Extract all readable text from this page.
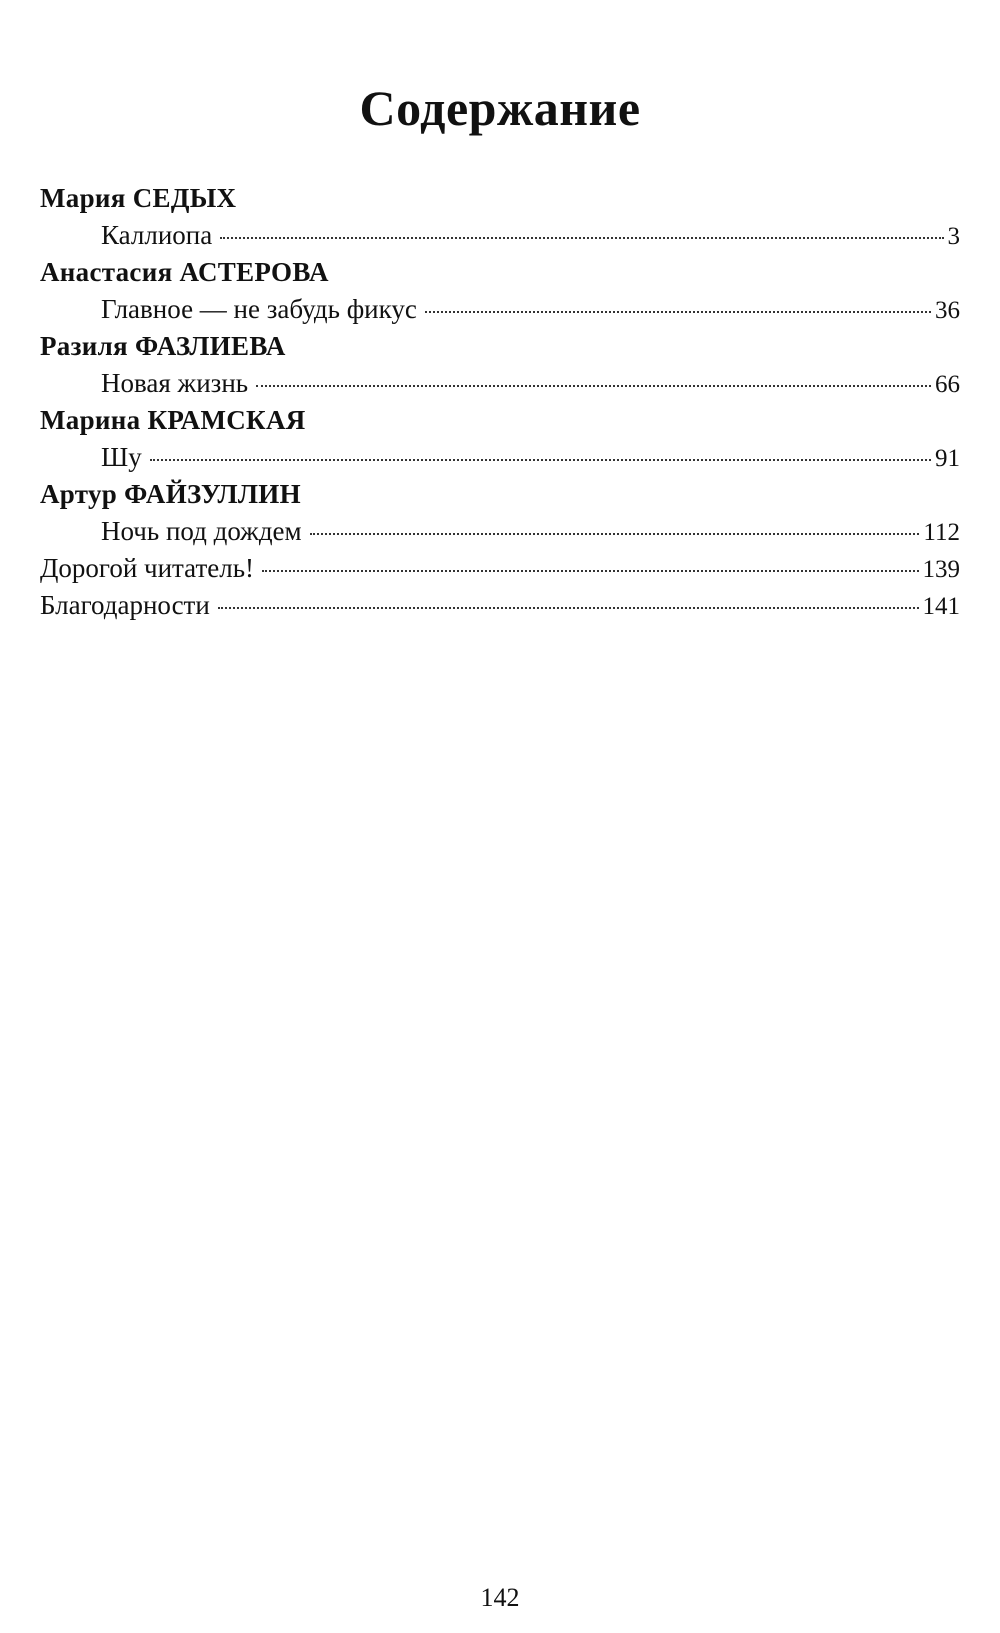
Содержание
Мария СЕДЫХ
Каллиопа	3
Анастасия АСТЕРОВА
Главное — не забудь фикус	36
Разиля ФАЗЛИЕВА
Новая жизнь	66
Марина КРАМСКАЯ
Шу	91
Артур ФАЙЗУЛЛИН
Ночь под дождем	112
Дорогой читатель!	139
Благодарности	141
142
